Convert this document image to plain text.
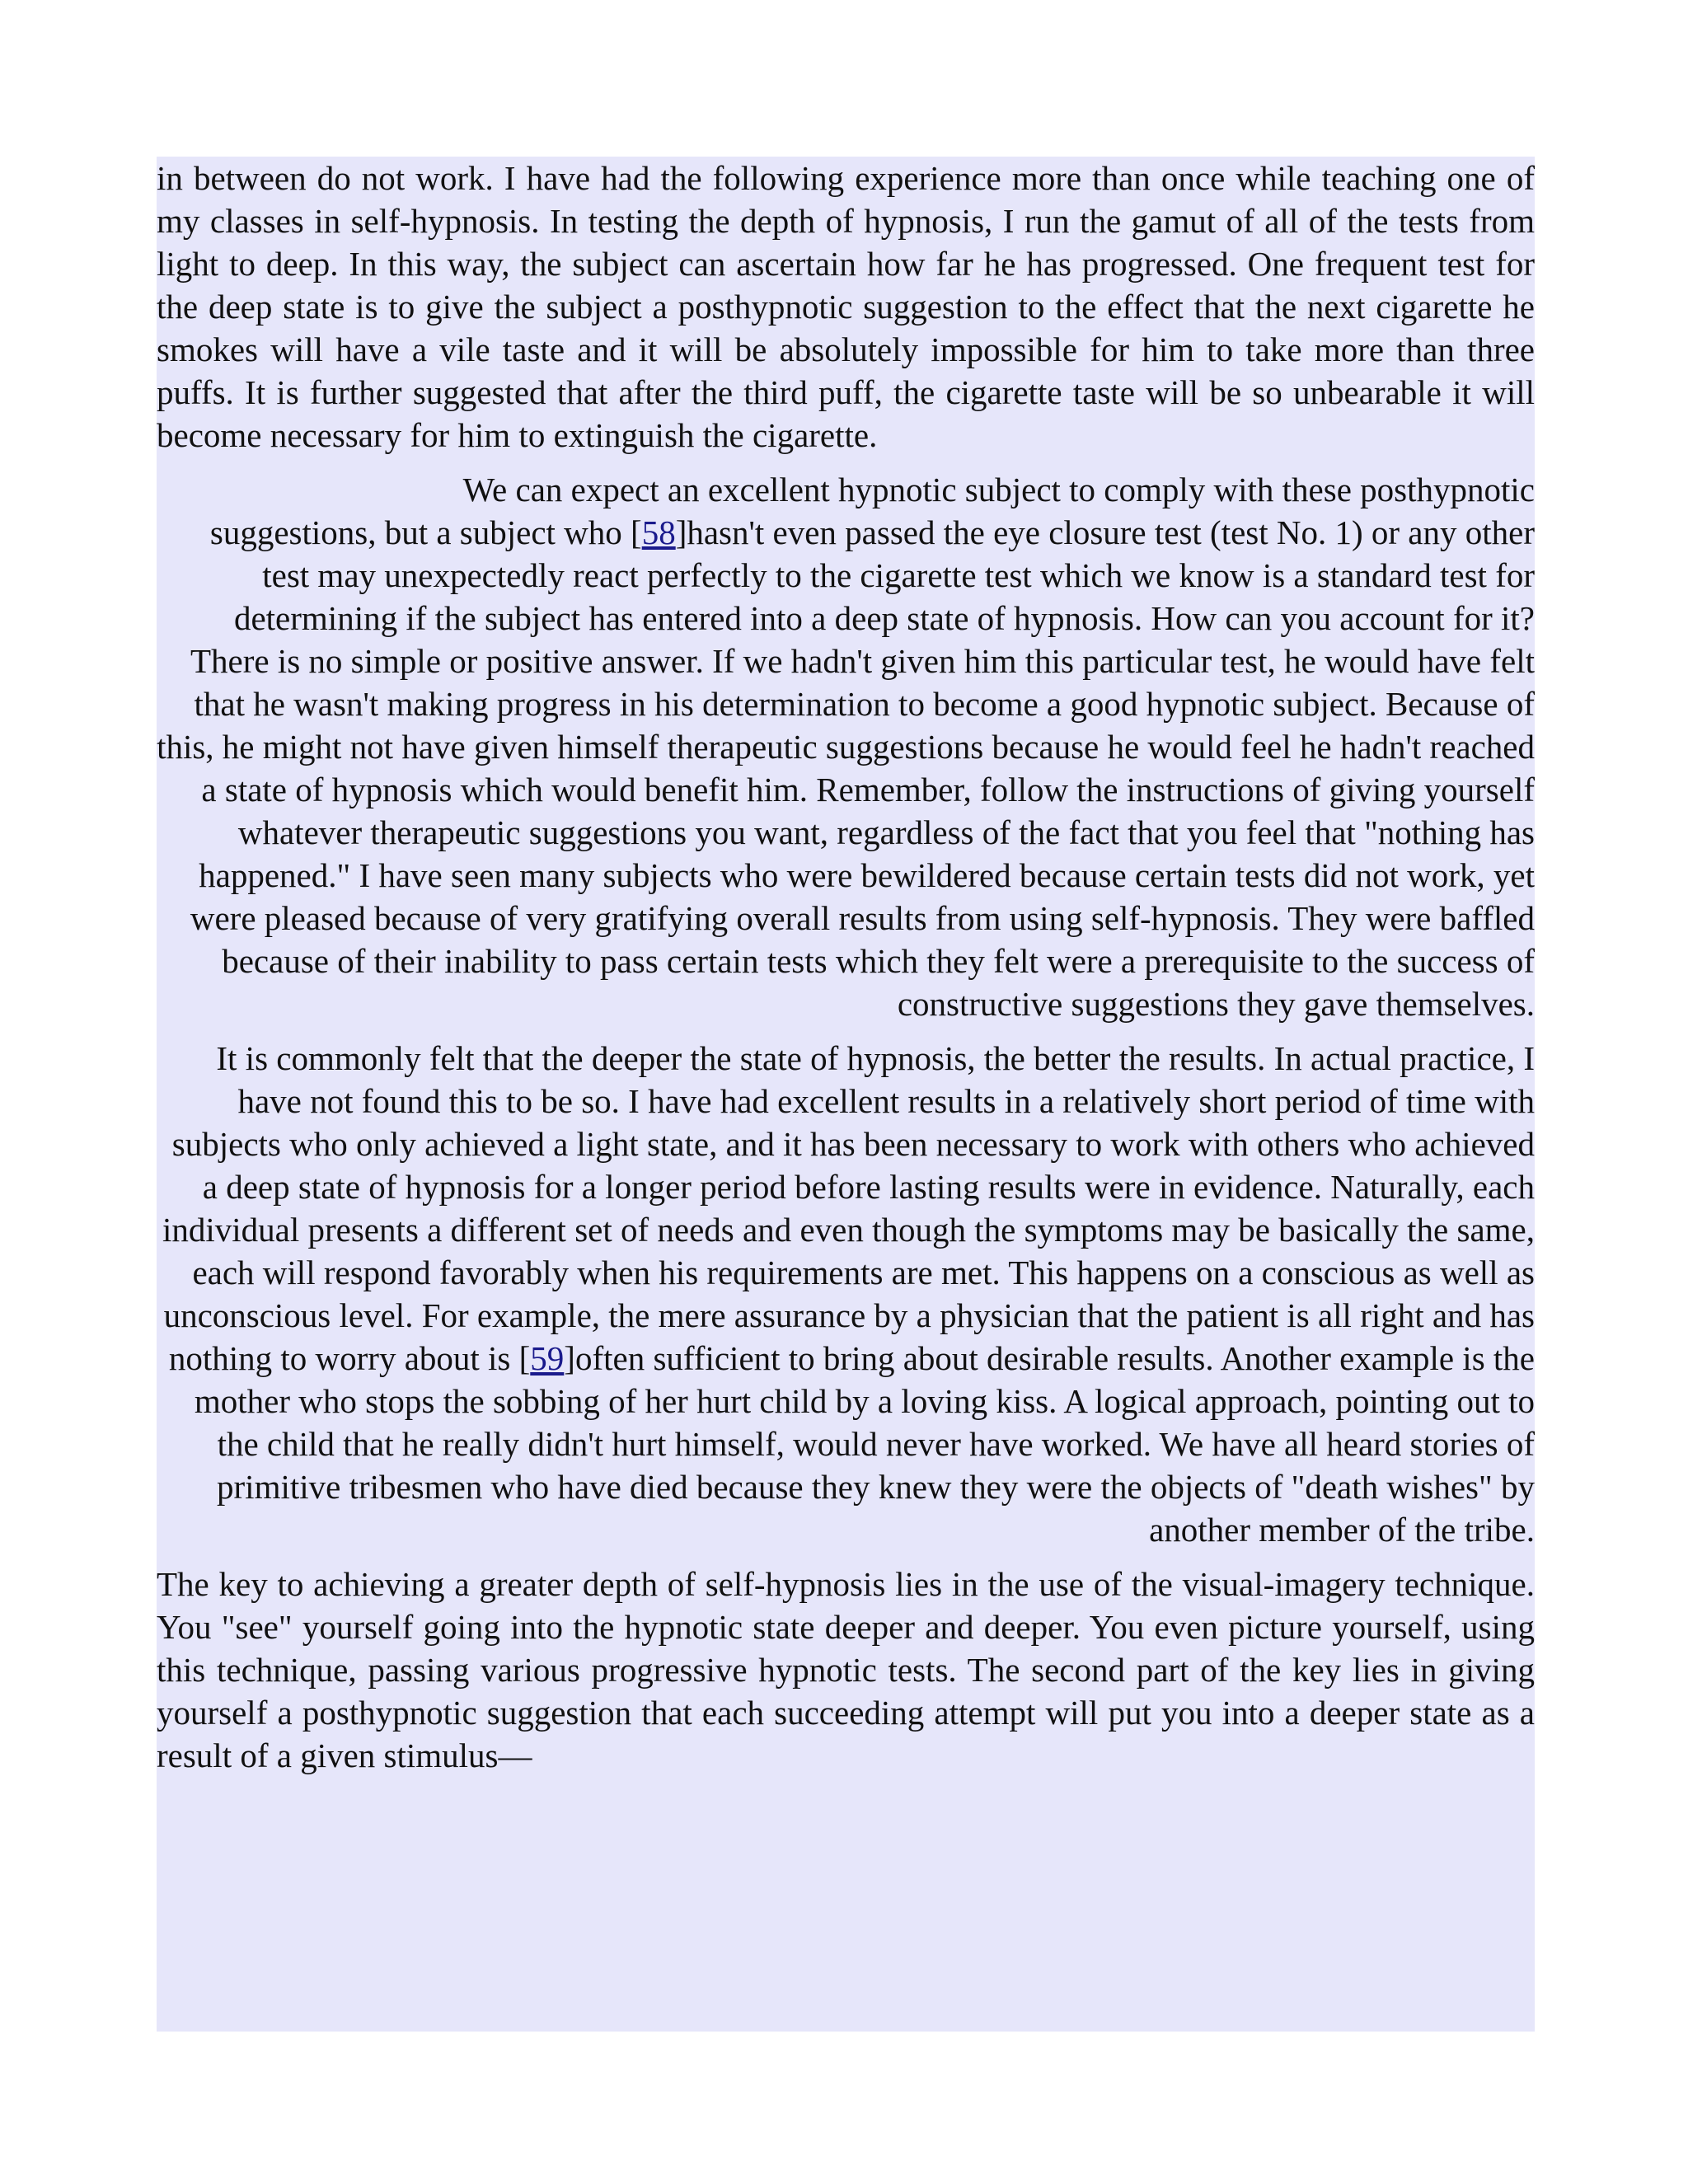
in between do not work. I have had the following experience more than once while teaching one of my classes in self-hypnosis. In testing the depth of hypnosis, I run the gamut of all of the tests from light to deep. In this way, the subject can ascertain how far he has progressed. One frequent test for the deep state is to give the subject a posthypnotic suggestion to the effect that the next cigarette he smokes will have a vile taste and it will be absolutely impossible for him to take more than three puffs. It is further suggested that after the third puff, the cigarette taste will be so unbearable it will become necessary for him to extinguish the cigarette.

We can expect an excellent hypnotic subject to comply with these posthypnotic suggestions, but a subject who [58]hasn't even passed the eye closure test (test No. 1) or any other test may unexpectedly react perfectly to the cigarette test which we know is a standard test for determining if the subject has entered into a deep state of hypnosis. How can you account for it? There is no simple or positive answer. If we hadn't given him this particular test, he would have felt that he wasn't making progress in his determination to become a good hypnotic subject. Because of this, he might not have given himself therapeutic suggestions because he would feel he hadn't reached a state of hypnosis which would benefit him. Remember, follow the instructions of giving yourself whatever therapeutic suggestions you want, regardless of the fact that you feel that "nothing has happened." I have seen many subjects who were bewildered because certain tests did not work, yet were pleased because of very gratifying overall results from using self-hypnosis. They were baffled because of their inability to pass certain tests which they felt were a prerequisite to the success of constructive suggestions they gave themselves.

It is commonly felt that the deeper the state of hypnosis, the better the results. In actual practice, I have not found this to be so. I have had excellent results in a relatively short period of time with subjects who only achieved a light state, and it has been necessary to work with others who achieved a deep state of hypnosis for a longer period before lasting results were in evidence. Naturally, each individual presents a different set of needs and even though the symptoms may be basically the same, each will respond favorably when his requirements are met. This happens on a conscious as well as unconscious level. For example, the mere assurance by a physician that the patient is all right and has nothing to worry about is [59]often sufficient to bring about desirable results. Another example is the mother who stops the sobbing of her hurt child by a loving kiss. A logical approach, pointing out to the child that he really didn't hurt himself, would never have worked. We have all heard stories of primitive tribesmen who have died because they knew they were the objects of "death wishes" by another member of the tribe.

The key to achieving a greater depth of self-hypnosis lies in the use of the visual-imagery technique. You "see" yourself going into the hypnotic state deeper and deeper. You even picture yourself, using this technique, passing various progressive hypnotic tests. The second part of the key lies in giving yourself a posthypnotic suggestion that each succeeding attempt will put you into a deeper state as a result of a given stimulus—
